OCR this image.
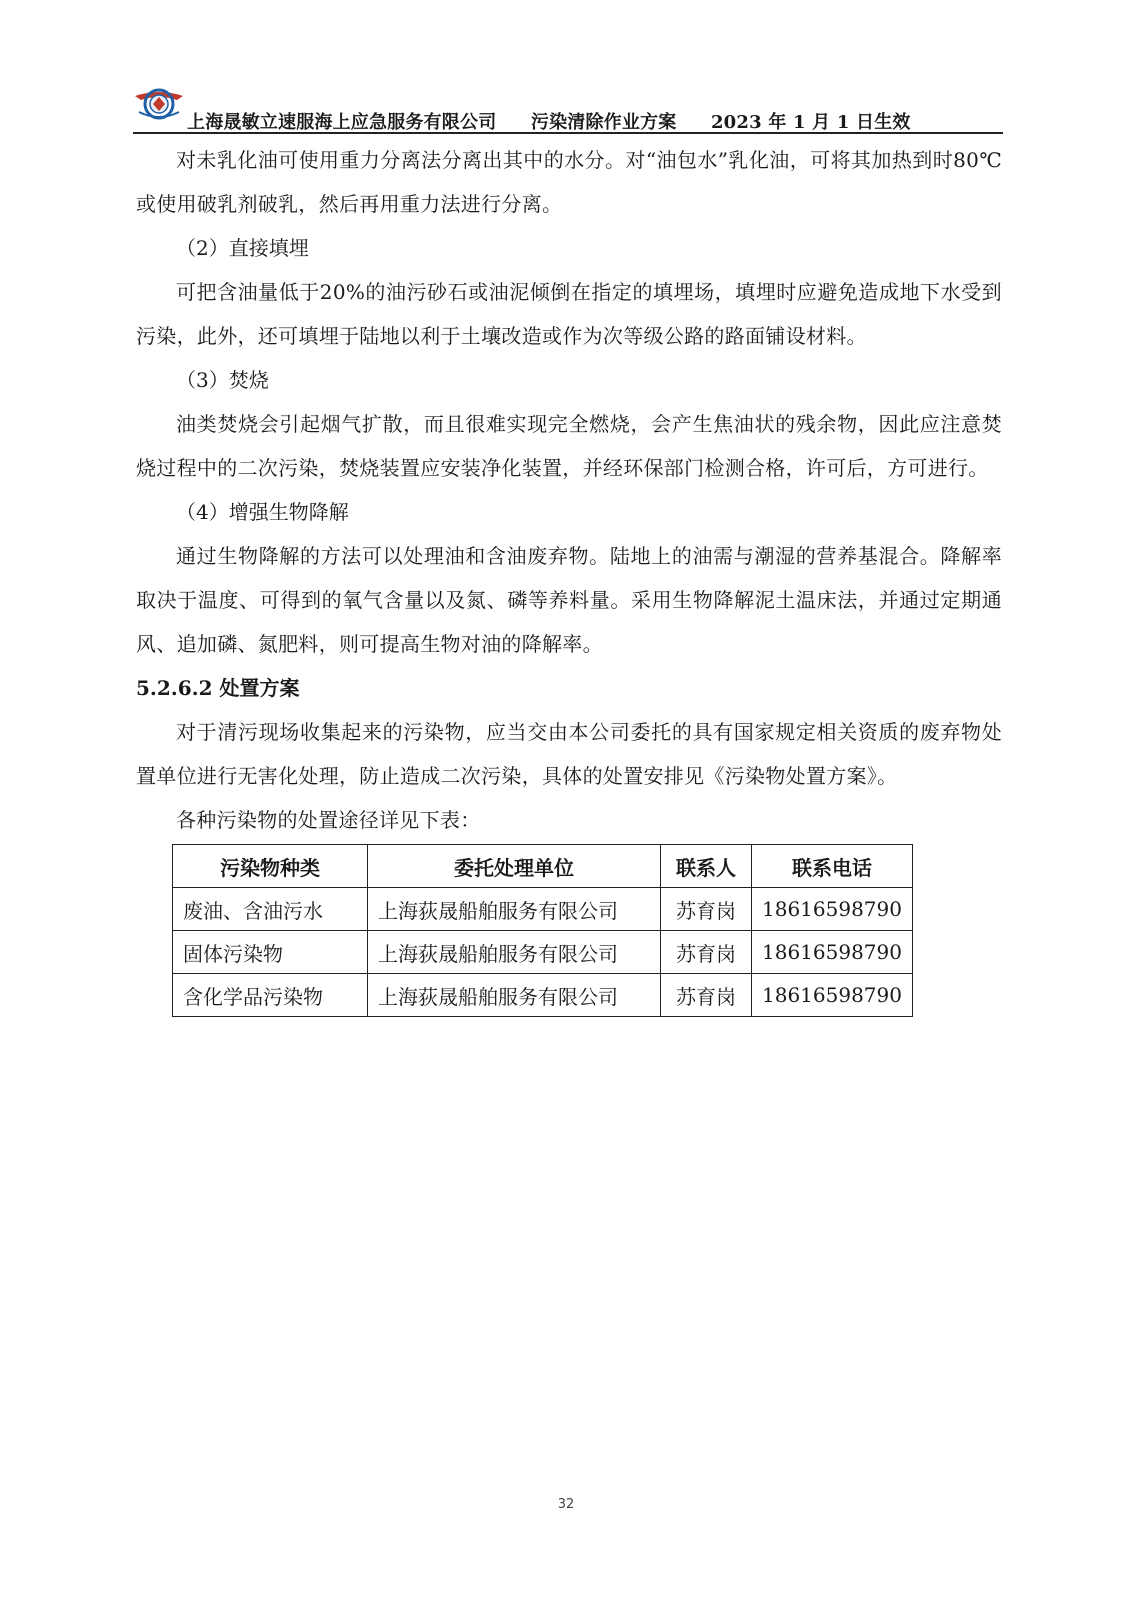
上海晟敏立速服海上应急服务有限公司 污染清除作业方案 2023 年 1 月 1 日生效

对未乳化油可使用重力分离法分离出其中的水分。对“油包水”乳化油，可将其加热到时80℃或使用破乳剂破乳，然后再用重力法进行分离。

（2）直接填埋

可把含油量低于20%的油污砂石或油泥倾倒在指定的填埋场，填埋时应避免造成地下水受到污染，此外，还可填埋于陆地以利于土壤改造或作为次等级公路的路面铺设材料。

（3）焚烧

油类焚烧会引起烟气扩散，而且很难实现完全燃烧，会产生焦油状的残余物，因此应注意焚烧过程中的二次污染，焚烧装置应安装净化装置，并经环保部门检测合格，许可后，方可进行。

（4）增强生物降解

通过生物降解的方法可以处理油和含油废弃物。陆地上的油需与潮湿的营养基混合。降解率取决于温度、可得到的氧气含量以及氮、磷等养料量。采用生物降解泥土温床法，并通过定期通风、追加磷、氮肥料，则可提高生物对油的降解率。

5.2.6.2 处置方案

对于清污现场收集起来的污染物，应当交由本公司委托的具有国家规定相关资质的废弃物处置单位进行无害化处理，防止造成二次污染，具体的处置安排见《污染物处置方案》。

各种污染物的处置途径详见下表：

污染物种类	委托处理单位	联系人	联系电话
废油、含油污水	上海荻晟船舶服务有限公司	苏育岗	18616598790
固体污染物	上海荻晟船舶服务有限公司	苏育岗	18616598790
含化学品污染物	上海荻晟船舶服务有限公司	苏育岗	18616598790
32
